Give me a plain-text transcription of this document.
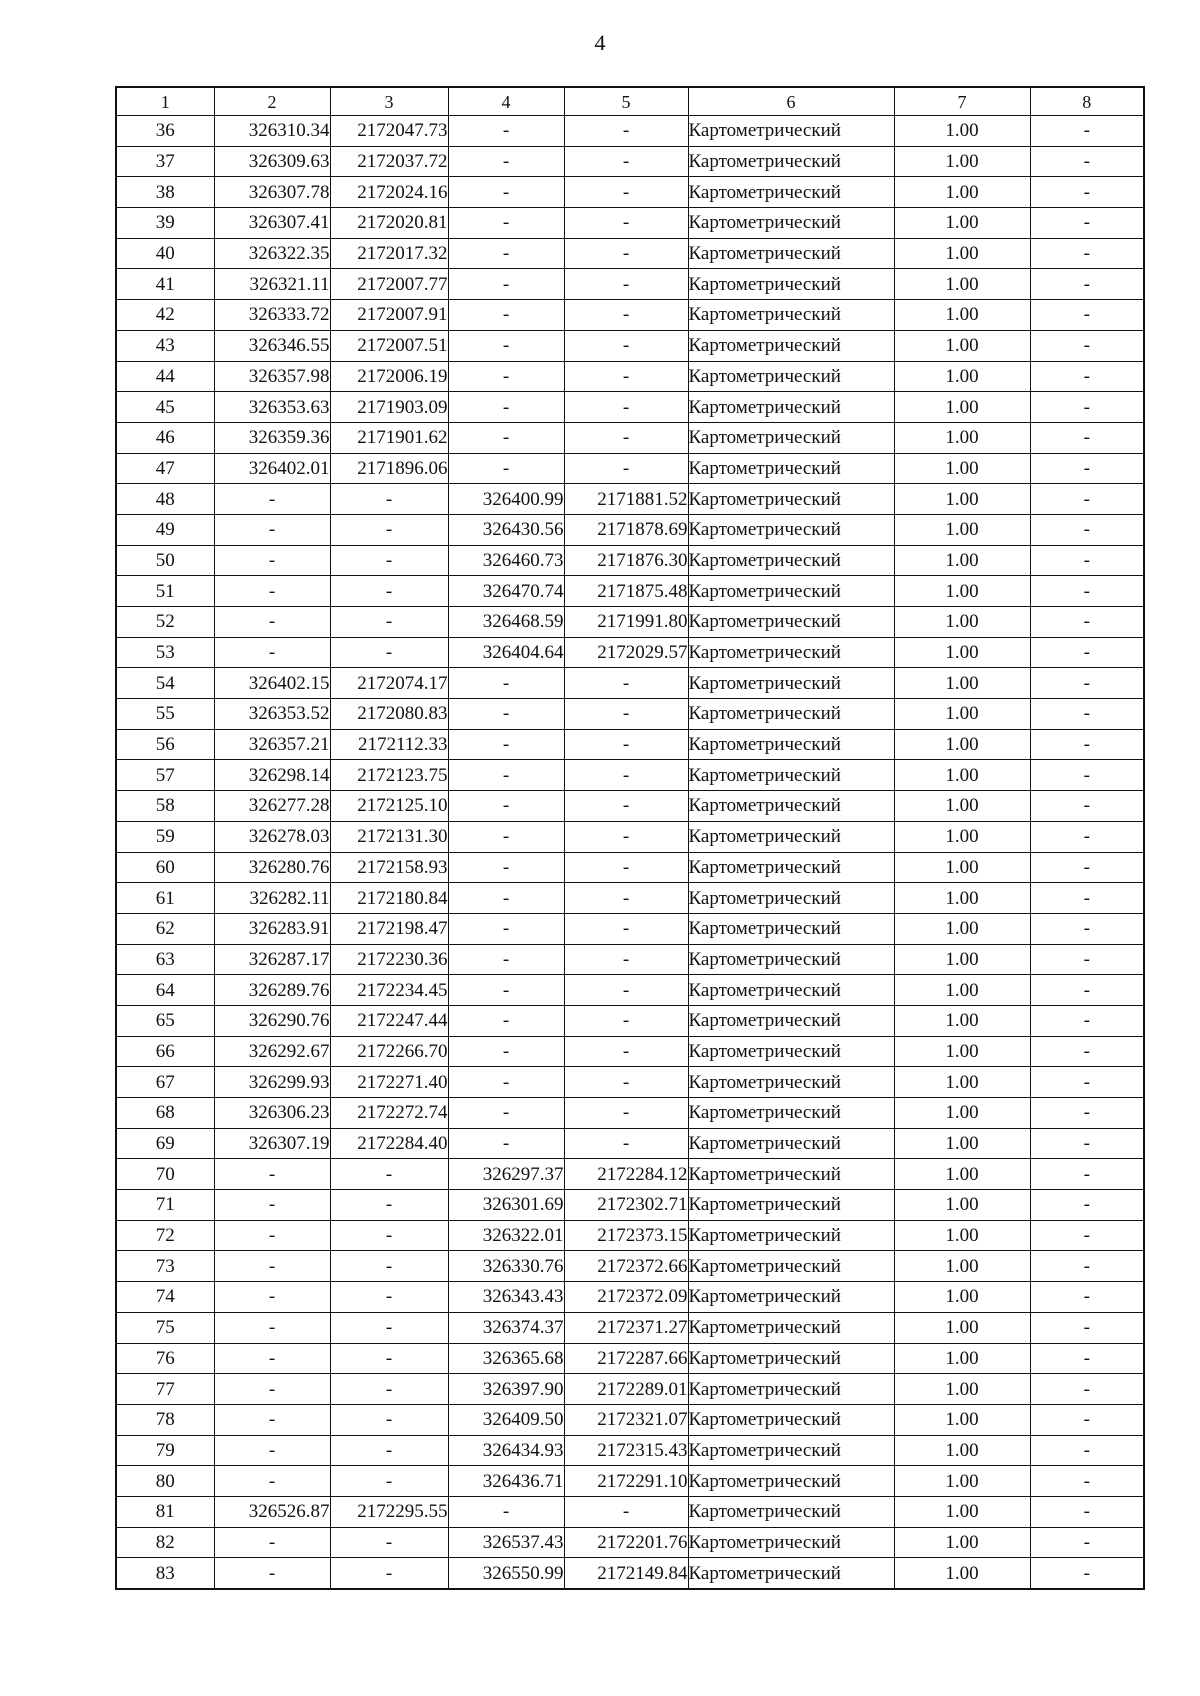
4
1	2	3	4	5	6	7	8
36	326310.34	2172047.73	-	-	Картометрический	1.00	-
37	326309.63	2172037.72	-	-	Картометрический	1.00	-
38	326307.78	2172024.16	-	-	Картометрический	1.00	-
39	326307.41	2172020.81	-	-	Картометрический	1.00	-
40	326322.35	2172017.32	-	-	Картометрический	1.00	-
41	326321.11	2172007.77	-	-	Картометрический	1.00	-
42	326333.72	2172007.91	-	-	Картометрический	1.00	-
43	326346.55	2172007.51	-	-	Картометрический	1.00	-
44	326357.98	2172006.19	-	-	Картометрический	1.00	-
45	326353.63	2171903.09	-	-	Картометрический	1.00	-
46	326359.36	2171901.62	-	-	Картометрический	1.00	-
47	326402.01	2171896.06	-	-	Картометрический	1.00	-
48	-	-	326400.99	2171881.52	Картометрический	1.00	-
49	-	-	326430.56	2171878.69	Картометрический	1.00	-
50	-	-	326460.73	2171876.30	Картометрический	1.00	-
51	-	-	326470.74	2171875.48	Картометрический	1.00	-
52	-	-	326468.59	2171991.80	Картометрический	1.00	-
53	-	-	326404.64	2172029.57	Картометрический	1.00	-
54	326402.15	2172074.17	-	-	Картометрический	1.00	-
55	326353.52	2172080.83	-	-	Картометрический	1.00	-
56	326357.21	2172112.33	-	-	Картометрический	1.00	-
57	326298.14	2172123.75	-	-	Картометрический	1.00	-
58	326277.28	2172125.10	-	-	Картометрический	1.00	-
59	326278.03	2172131.30	-	-	Картометрический	1.00	-
60	326280.76	2172158.93	-	-	Картометрический	1.00	-
61	326282.11	2172180.84	-	-	Картометрический	1.00	-
62	326283.91	2172198.47	-	-	Картометрический	1.00	-
63	326287.17	2172230.36	-	-	Картометрический	1.00	-
64	326289.76	2172234.45	-	-	Картометрический	1.00	-
65	326290.76	2172247.44	-	-	Картометрический	1.00	-
66	326292.67	2172266.70	-	-	Картометрический	1.00	-
67	326299.93	2172271.40	-	-	Картометрический	1.00	-
68	326306.23	2172272.74	-	-	Картометрический	1.00	-
69	326307.19	2172284.40	-	-	Картометрический	1.00	-
70	-	-	326297.37	2172284.12	Картометрический	1.00	-
71	-	-	326301.69	2172302.71	Картометрический	1.00	-
72	-	-	326322.01	2172373.15	Картометрический	1.00	-
73	-	-	326330.76	2172372.66	Картометрический	1.00	-
74	-	-	326343.43	2172372.09	Картометрический	1.00	-
75	-	-	326374.37	2172371.27	Картометрический	1.00	-
76	-	-	326365.68	2172287.66	Картометрический	1.00	-
77	-	-	326397.90	2172289.01	Картометрический	1.00	-
78	-	-	326409.50	2172321.07	Картометрический	1.00	-
79	-	-	326434.93	2172315.43	Картометрический	1.00	-
80	-	-	326436.71	2172291.10	Картометрический	1.00	-
81	326526.87	2172295.55	-	-	Картометрический	1.00	-
82	-	-	326537.43	2172201.76	Картометрический	1.00	-
83	-	-	326550.99	2172149.84	Картометрический	1.00	-
